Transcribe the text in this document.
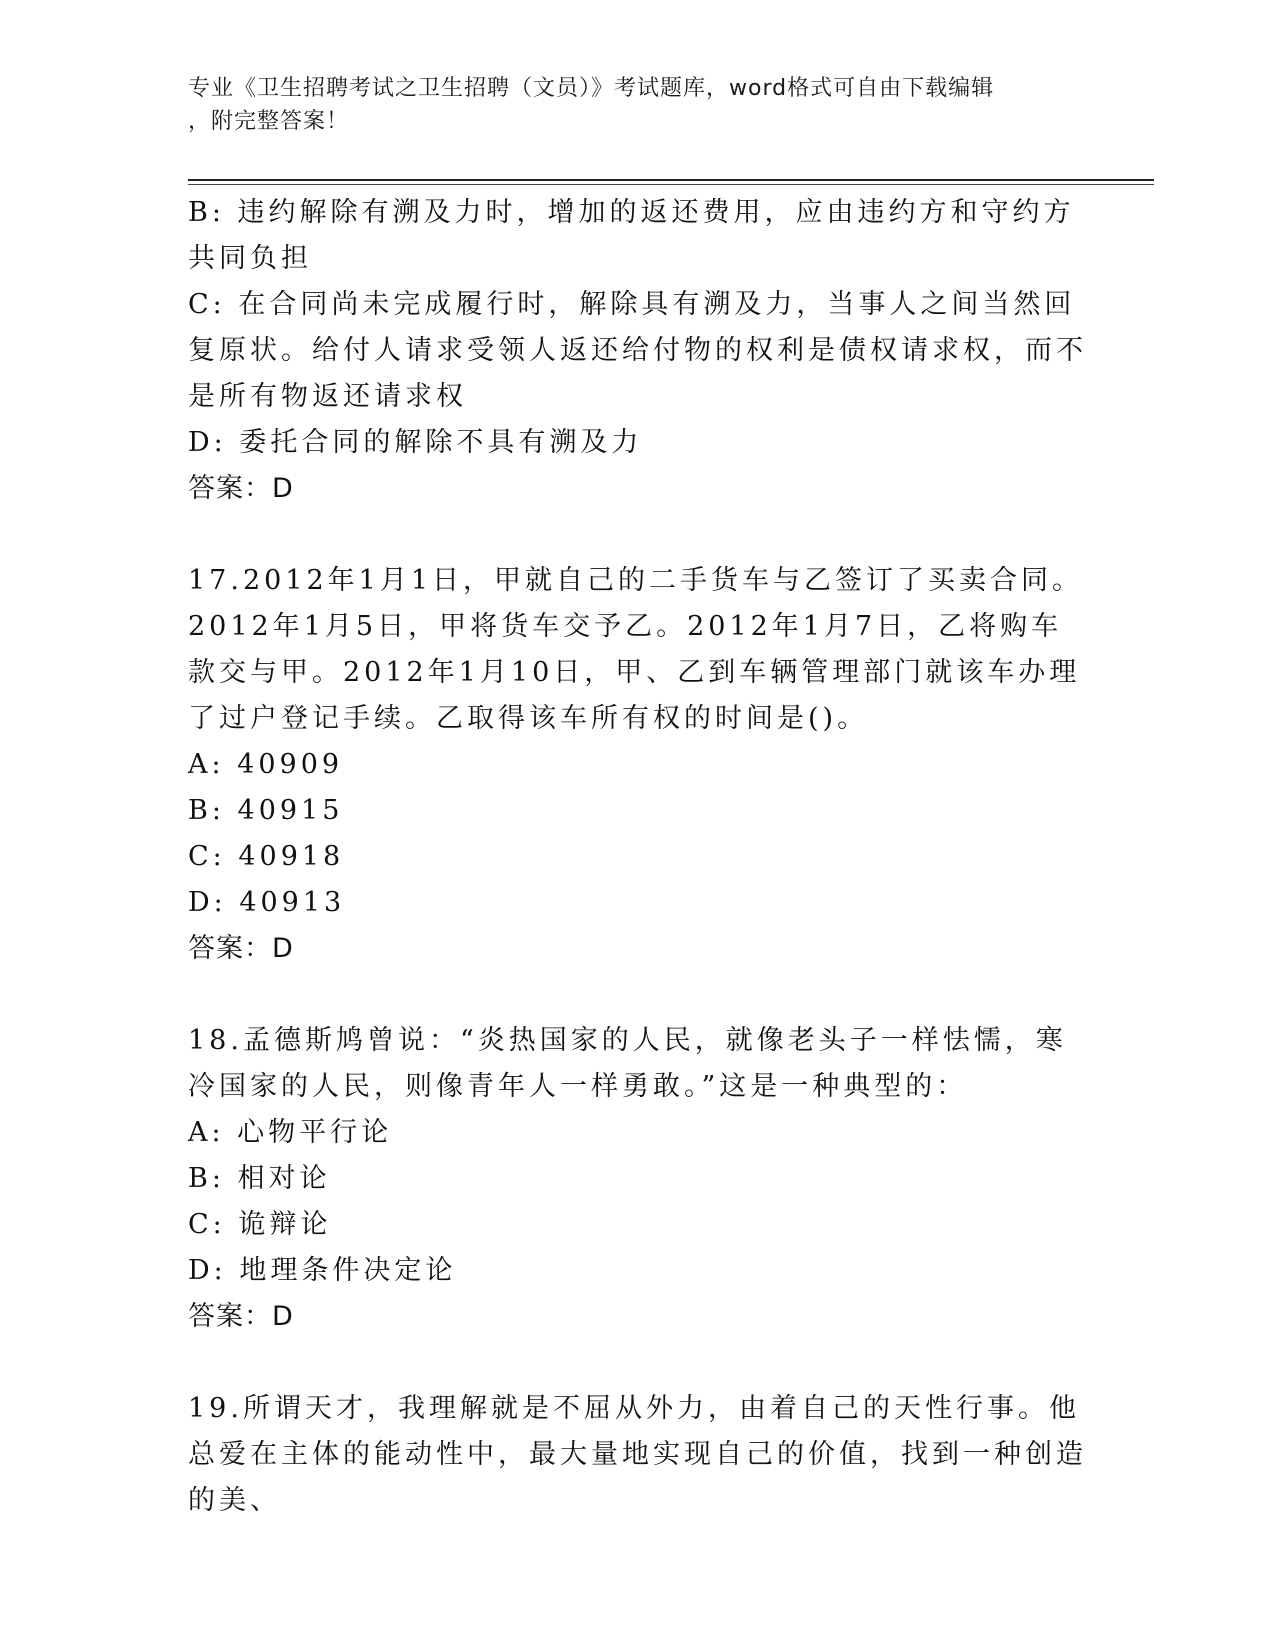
专业《卫生招聘考试之卫生招聘（文员）》考试题库，word格式可自由下载编辑
，附完整答案！

B: 违约解除有溯及力时，增加的返还费用，应由违约方和守约方共同负担

C: 在合同尚未完成履行时，解除具有溯及力，当事人之间当然回复原状。给付人请求受领人返还给付物的权利是债权请求权，而不是所有物返还请求权

D: 委托合同的解除不具有溯及力

答案：D

17.2012年1月1日，甲就自己的二手货车与乙签订了买卖合同。2012年1月5日，甲将货车交予乙。2012年1月7日，乙将购车款交与甲。2012年1月10日，甲、乙到车辆管理部门就该车办理了过户登记手续。乙取得该车所有权的时间是()。

A: 40909

B: 40915

C: 40918

D: 40913

答案：D

18.孟德斯鸠曾说：“炎热国家的人民，就像老头子一样怯懦，寒冷国家的人民，则像青年人一样勇敢。”这是一种典型的：

A: 心物平行论

B: 相对论

C: 诡辩论

D: 地理条件决定论

答案：D

19.所谓天才，我理解就是不屈从外力，由着自己的天性行事。他总爱在主体的能动性中，最大量地实现自己的价值，找到一种创造的美、
